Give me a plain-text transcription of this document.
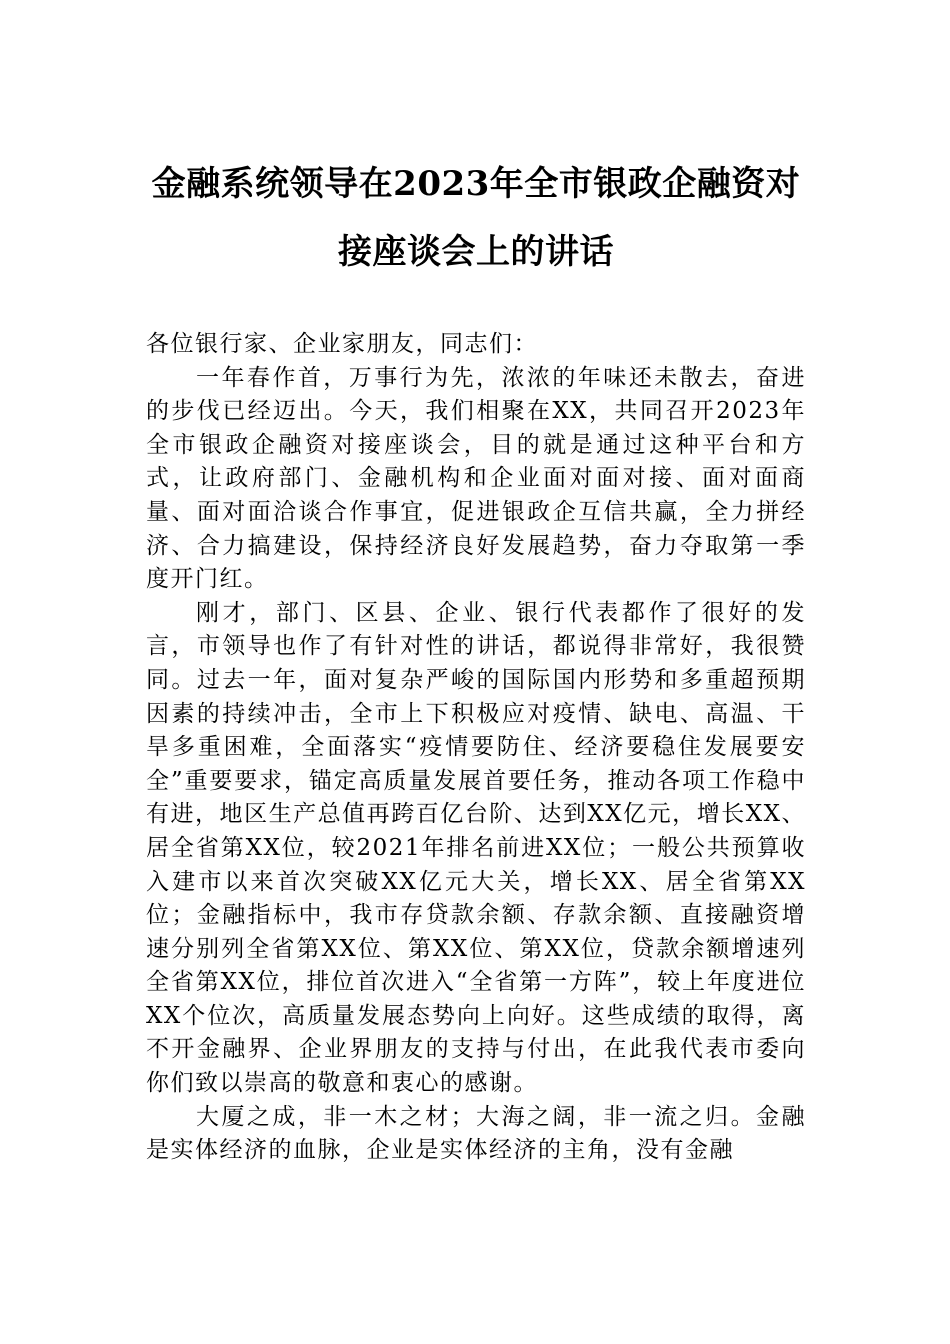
金融系统领导在2023年全市银政企融资对
接座谈会上的讲话

各位银行家、企业家朋友，同志们：

一年春作首，万事行为先，浓浓的年味还未散去，奋进的步伐已经迈出。今天，我们相聚在XX，共同召开2023年全市银政企融资对接座谈会，目的就是通过这种平台和方式，让政府部门、金融机构和企业面对面对接、面对面商量、面对面洽谈合作事宜，促进银政企互信共赢，全力拼经济、合力搞建设，保持经济良好发展趋势，奋力夺取第一季度开门红。

刚才，部门、区县、企业、银行代表都作了很好的发言，市领导也作了有针对性的讲话，都说得非常好，我很赞同。过去一年，面对复杂严峻的国际国内形势和多重超预期因素的持续冲击，全市上下积极应对疫情、缺电、高温、干旱多重困难，全面落实“疫情要防住、经济要稳住发展要安全”重要要求，锚定高质量发展首要任务，推动各项工作稳中有进，地区生产总值再跨百亿台阶、达到XX亿元，增长XX、居全省第XX位，较2021年排名前进XX位；一般公共预算收入建市以来首次突破XX亿元大关，增长XX、居全省第XX位；金融指标中，我市存贷款余额、存款余额、直接融资增速分别列全省第XX位、第XX位、第XX位，贷款余额增速列全省第XX位，排位首次进入“全省第一方阵”，较上年度进位XX个位次，高质量发展态势向上向好。这些成绩的取得，离不开金融界、企业界朋友的支持与付出，在此我代表市委向你们致以崇高的敬意和衷心的感谢。

大厦之成，非一木之材；大海之阔，非一流之归。金融是实体经济的血脉，企业是实体经济的主角，没有金融
